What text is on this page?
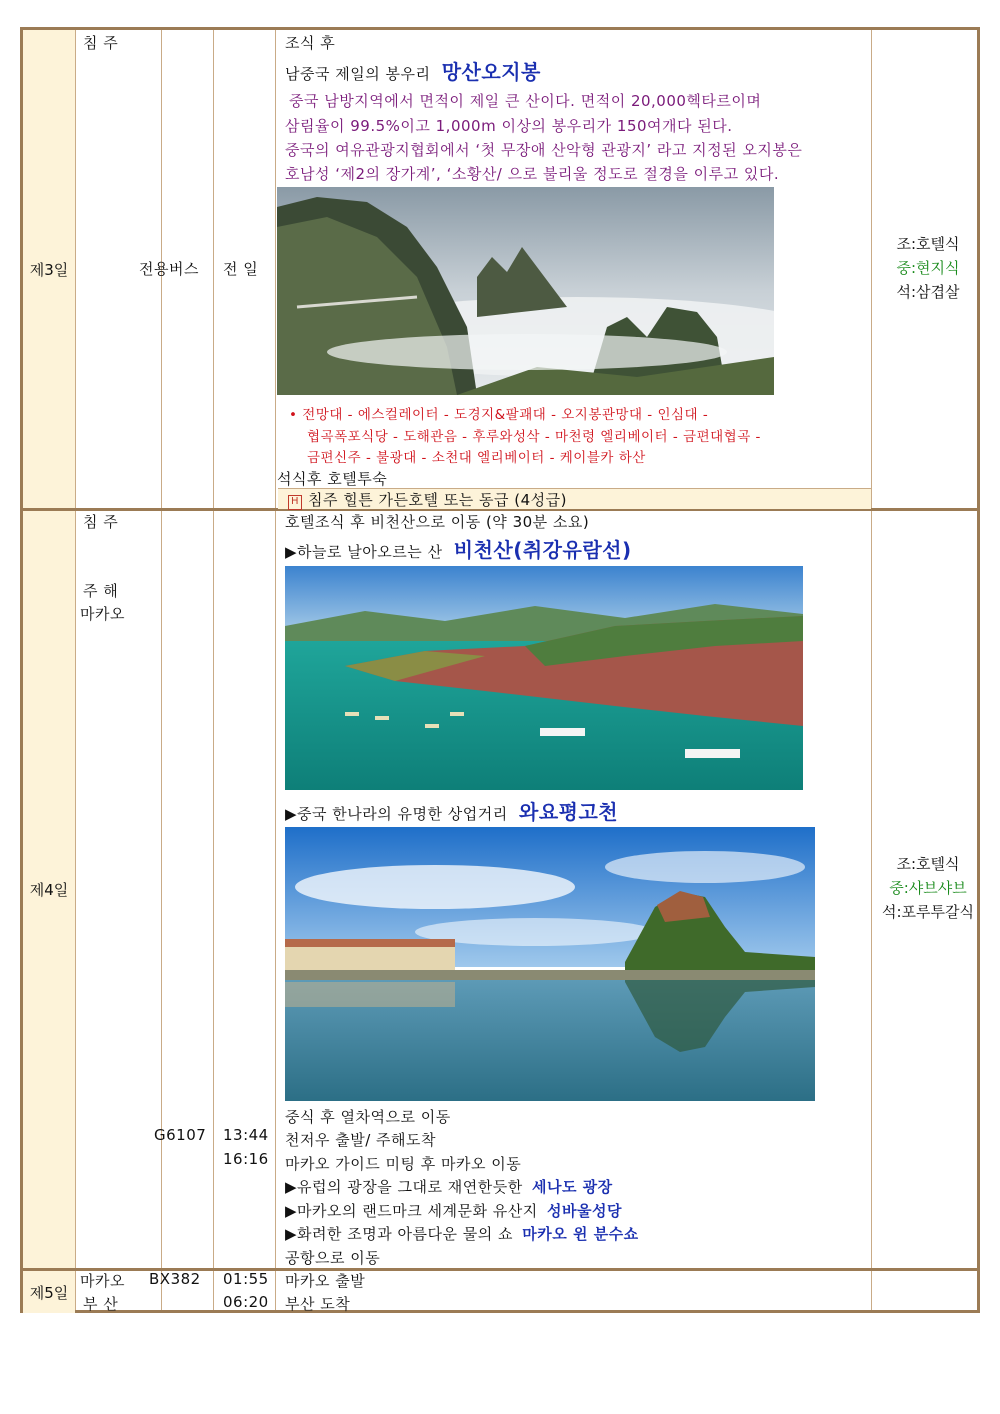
제3일
제4일
제5일
침 주
전용버스	전 일
조식 후
남중국 제일의 봉우리 망산오지봉
중국 남방지역에서 면적이 제일 큰 산이다. 면적이 20,000헥타르이며
삼림율이 99.5%이고 1,000m 이상의 봉우리가 150여개다 된다.
중국의 여유관광지협회에서 ‘첫 무장애 산악형 관광지’ 라고 지정된 오지봉은
호남성 ‘제2의 장가계’, ‘소황산/ 으로 불리울 정도로 절경을 이루고 있다.
• 전망대 - 에스컬레이터 - 도경지&팔괘대 - 오지봉관망대 - 인심대 -
협곡폭포식당 - 도해관음 - 후루와성삭 - 마천령 엘리베이터 - 금편대협곡 -
금편신주 - 불광대 - 소천대 엘리베이터 - 케이블카 하산
석식후 호텔투숙
H 침주 힐튼 가든호텔 또는 동급 (4성급)
조:호텔식
중:현지식
석:삼겹살
침 주
주 해
마카오
호텔조식 후 비천산으로 이동 (약 30분 소요)
▶하늘로 날아오르는 산 비천산(취강유람선)
▶중국 한나라의 유명한 상업거리 와요평고천
G6107 13:44
16:16
중식 후 열차역으로 이동
천저우 출발/ 주해도착
마카오 가이드 미팅 후 마카오 이동
▶유럽의 광장을 그대로 재연한듯한 세나도 광장
▶마카오의 랜드마크 세계문화 유산지 성바울성당
▶화려한 조명과 아름다운 물의 쇼 마카오 윈 분수쇼
공항으로 이동
조:호텔식
중:샤브샤브
석:포루투갈식
마카오
부 산
BX382 01:55
06:20
마카오 출발
부산 도착
